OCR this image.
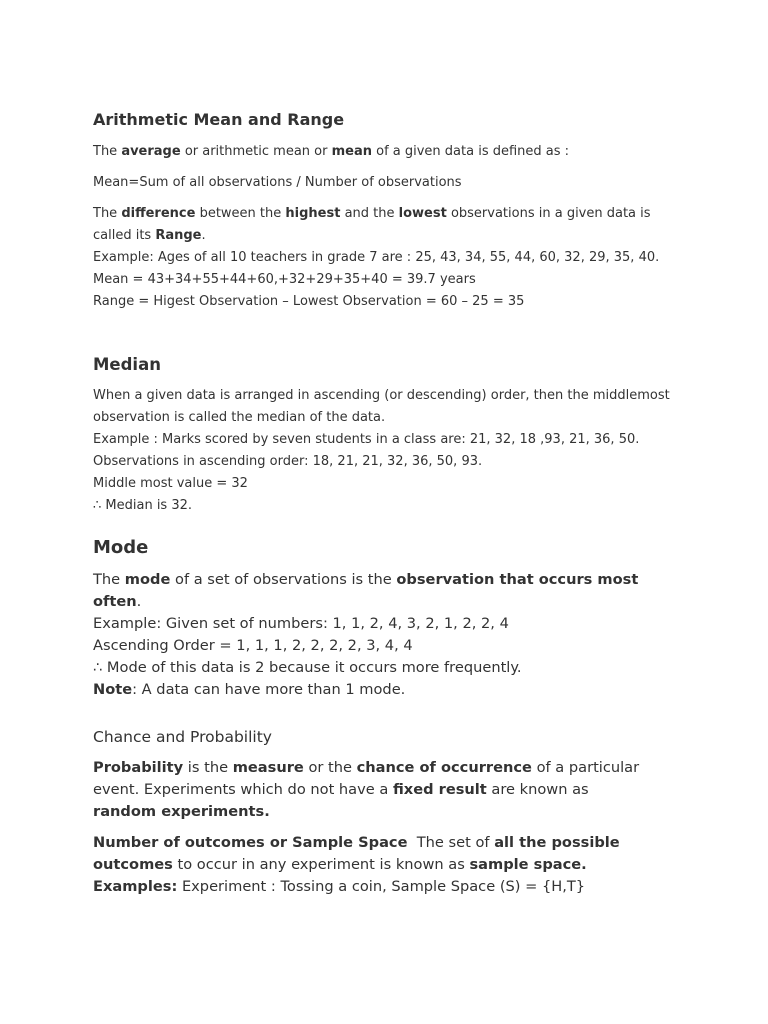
Arithmetic Mean and Range

The average or arithmetic mean or mean of a given data is defined as :

Mean=Sum of all observations / Number of observations

The difference between the highest and the lowest observations in a given data is called its Range.

Example: Ages of all 10 teachers in grade 7 are : 25, 43, 34, 55, 44, 60, 32, 29, 35, 40.

Mean = 43+34+55+44+60,+32+29+35+40 = 39.7 years

Range = Higest Observation – Lowest Observation = 60 – 25 = 35

Median

When a given data is arranged in ascending (or descending) order, then the middlemost observation is called the median of the data.

Example : Marks scored by seven students in a class are: 21, 32, 18 ,93, 21, 36, 50.

Observations in ascending order: 18, 21, 21, 32, 36, 50, 93.

Middle most value = 32

∴ Median is 32.

Mode

The mode of a set of observations is the observation that occurs most often.

Example: Given set of numbers: 1, 1, 2, 4, 3, 2, 1, 2, 2, 4

Ascending Order = 1, 1, 1, 2, 2, 2, 2, 3, 4, 4

∴ Mode of this data is 2 because it occurs more frequently.

Note: A data can have more than 1 mode.

Chance and Probability

Probability is the measure or the chance of occurrence of a particular event. Experiments which do not have a fixed result are known as
random experiments.

Number of outcomes or Sample Space  The set of all the possible outcomes to occur in any experiment is known as sample space.

Examples: Experiment : Tossing a coin, Sample Space (S) = {H,T}
